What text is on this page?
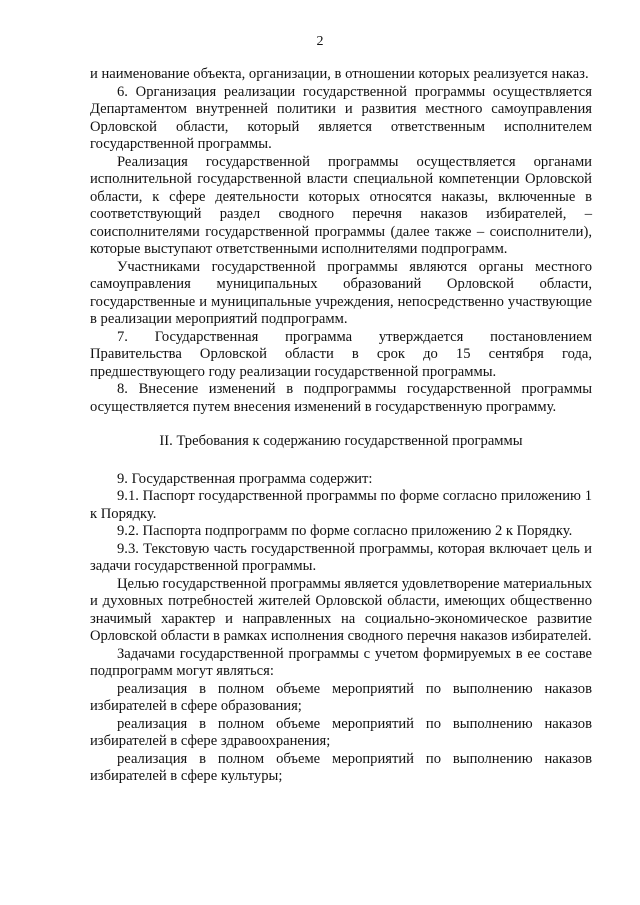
2

и наименование объекта, организации, в отношении которых реализуется наказ.

6. Организация реализации государственной программы осуществляется Департаментом внутренней политики и развития местного самоуправления Орловской области, который является ответственным исполнителем государственной программы.

Реализация государственной программы осуществляется органами исполнительной государственной власти специальной компетенции Орловской области, к сфере деятельности которых относятся наказы, включенные в соответствующий раздел сводного перечня наказов избирателей, – соисполнителями государственной программы (далее также – соисполнители), которые выступают ответственными исполнителями подпрограмм.

Участниками государственной программы являются органы местного самоуправления муниципальных образований Орловской области, государственные и муниципальные учреждения, непосредственно участвующие в реализации мероприятий подпрограмм.

7. Государственная программа утверждается постановлением Правительства Орловской области в срок до 15 сентября года, предшествующего году реализации государственной программы.

8. Внесение изменений в подпрограммы государственной программы осуществляется путем внесения изменений в государственную программу.

II. Требования к содержанию государственной программы

9. Государственная программа содержит:

9.1. Паспорт государственной программы по форме согласно приложению 1 к Порядку.

9.2. Паспорта подпрограмм по форме согласно приложению 2 к Порядку.

9.3. Текстовую часть государственной программы, которая включает цель и задачи государственной программы.

Целью государственной программы является удовлетворение материальных и духовных потребностей жителей Орловской области, имеющих общественно значимый характер и направленных на социально-экономическое развитие Орловской области в рамках исполнения сводного перечня наказов избирателей.

Задачами государственной программы с учетом формируемых в ее составе подпрограмм могут являться:

реализация в полном объеме мероприятий по выполнению наказов избирателей в сфере образования;

реализация в полном объеме мероприятий по выполнению наказов избирателей в сфере здравоохранения;

реализация в полном объеме мероприятий по выполнению наказов избирателей в сфере культуры;
